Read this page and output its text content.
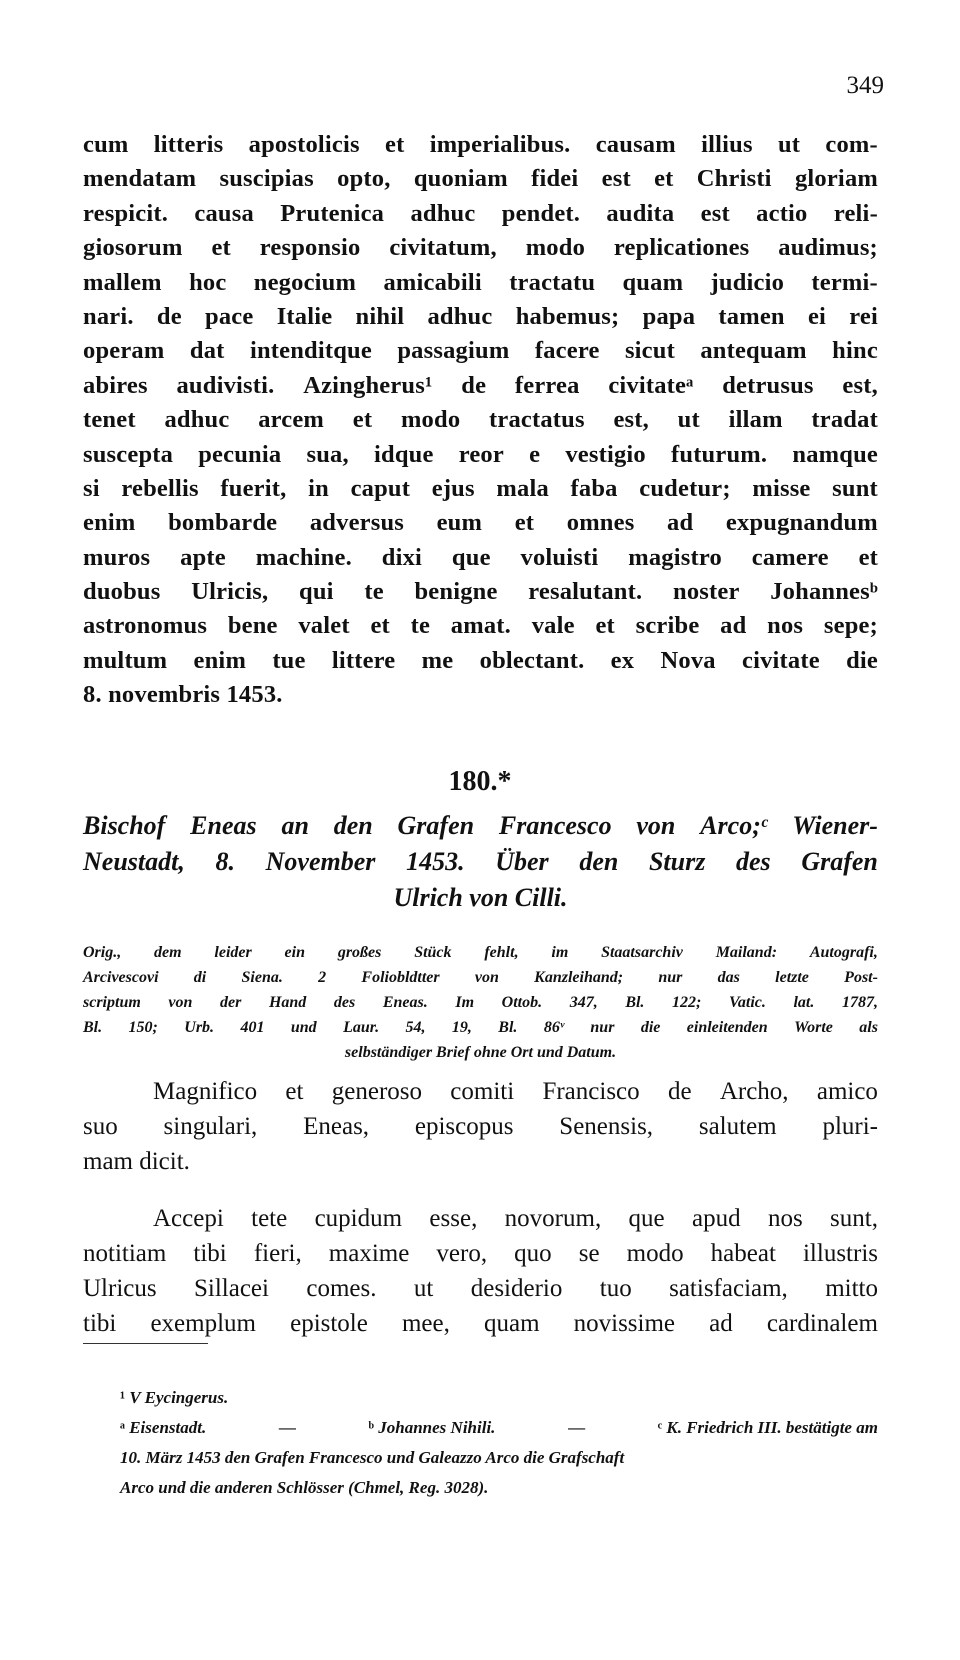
349
cum litteris apostolicis et imperialibus. causam illius ut com-
mendatam suscipias opto, quoniam fidei est et Christi gloriam
respicit. causa Prutenica adhuc pendet. audita est actio reli-
giosorum et responsio civitatum, modo replicationes audimus;
mallem hoc negocium amicabili tractatu quam judicio termi-
nari. de pace Italie nihil adhuc habemus; papa tamen ei rei
operam dat intenditque passagium facere sicut antequam hinc
abires audivisti. Azingherus¹ de ferrea civitateᵃ detrusus est,
tenet adhuc arcem et modo tractatus est, ut illam tradat
suscepta pecunia sua, idque reor e vestigio futurum. namque
si rebellis fuerit, in caput ejus mala faba cudetur; misse sunt
enim bombarde adversus eum et omnes ad expugnandum
muros apte machine. dixi que voluisti magistro camere et
duobus Ulricis, qui te benigne resalutant. noster Johannesᵇ
astronomus bene valet et te amat. vale et scribe ad nos sepe;
multum enim tue littere me oblectant. ex Nova civitate die
8. novembris 1453.
180.*
Bischof Eneas an den Grafen Francesco von Arco;ᶜ Wiener-
Neustadt, 8. November 1453. Über den Sturz des Grafen
Ulrich von Cilli.
Orig., dem leider ein großes Stück fehlt, im Staatsarchiv Mailand: Autografi,
Arcivescovi di Siena. 2 Foliobldtter von Kanzleihand; nur das letzte Post-
scriptum von der Hand des Eneas. Im Ottob. 347, Bl. 122; Vatic. lat. 1787,
Bl. 150; Urb. 401 und Laur. 54, 19, Bl. 86ᵛ nur die einleitenden Worte als
selbständiger Brief ohne Ort und Datum.
Magnifico et generoso comiti Francisco de Archo, amico
suo singulari, Eneas, episcopus Senensis, salutem pluri-
mam dicit.
Accepi tete cupidum esse, novorum, que apud nos sunt,
notitiam tibi fieri, maxime vero, quo se modo habeat illustris
Ulricus Sillacei comes. ut desiderio tuo satisfaciam, mitto
tibi exemplum epistole mee, quam novissime ad cardinalem
¹ V Eycingerus.
ᵃ Eisenstadt.	—	ᵇ Johannes Nihili.	—	ᶜ K. Friedrich III. bestätigte am
10. März 1453 den Grafen Francesco und Galeazzo Arco die Grafschaft
Arco und die anderen Schlösser (Chmel, Reg. 3028).
